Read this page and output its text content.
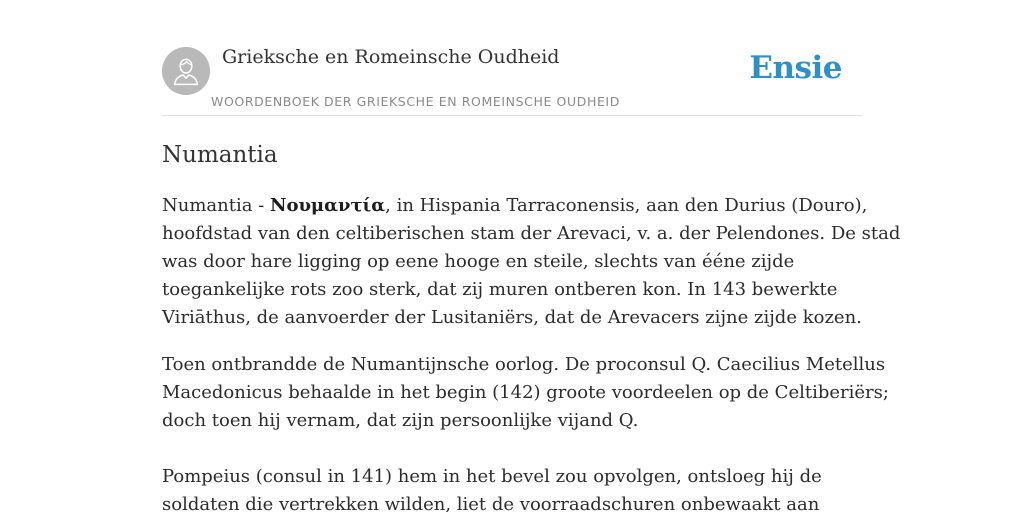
Grieksche en Romeinsche Oudheid
WOORDENBOEK DER GRIEKSCHE EN ROMEINSCHE OUDHEID
Ensie
Numantia
Numantia - Νουμαντία, in Hispania Tarraconensis, aan den Durius (Douro),
hoofdstad van den celtiberischen stam der Arevaci, v. a. der Pelendones. De stad
was door hare ligging op eene hooge en steile, slechts van ééne zijde
toegankelijke rots zoo sterk, dat zij muren ontberen kon. In 143 bewerkte
Viriāthus, de aanvoerder der Lusitaniërs, dat de Arevacers zijne zijde kozen.
Toen ontbrandde de Numantijnsche oorlog. De proconsul Q. Caecilius Metellus
Macedonicus behaalde in het begin (142) groote voordeelen op de Celtiberiërs;
doch toen hij vernam, dat zijn persoonlijke vijand Q.
Pompeius (consul in 141) hem in het bevel zou opvolgen, ontsloeg hij de
soldaten die vertrekken wilden, liet de voorraadschuren onbewaakt aan
